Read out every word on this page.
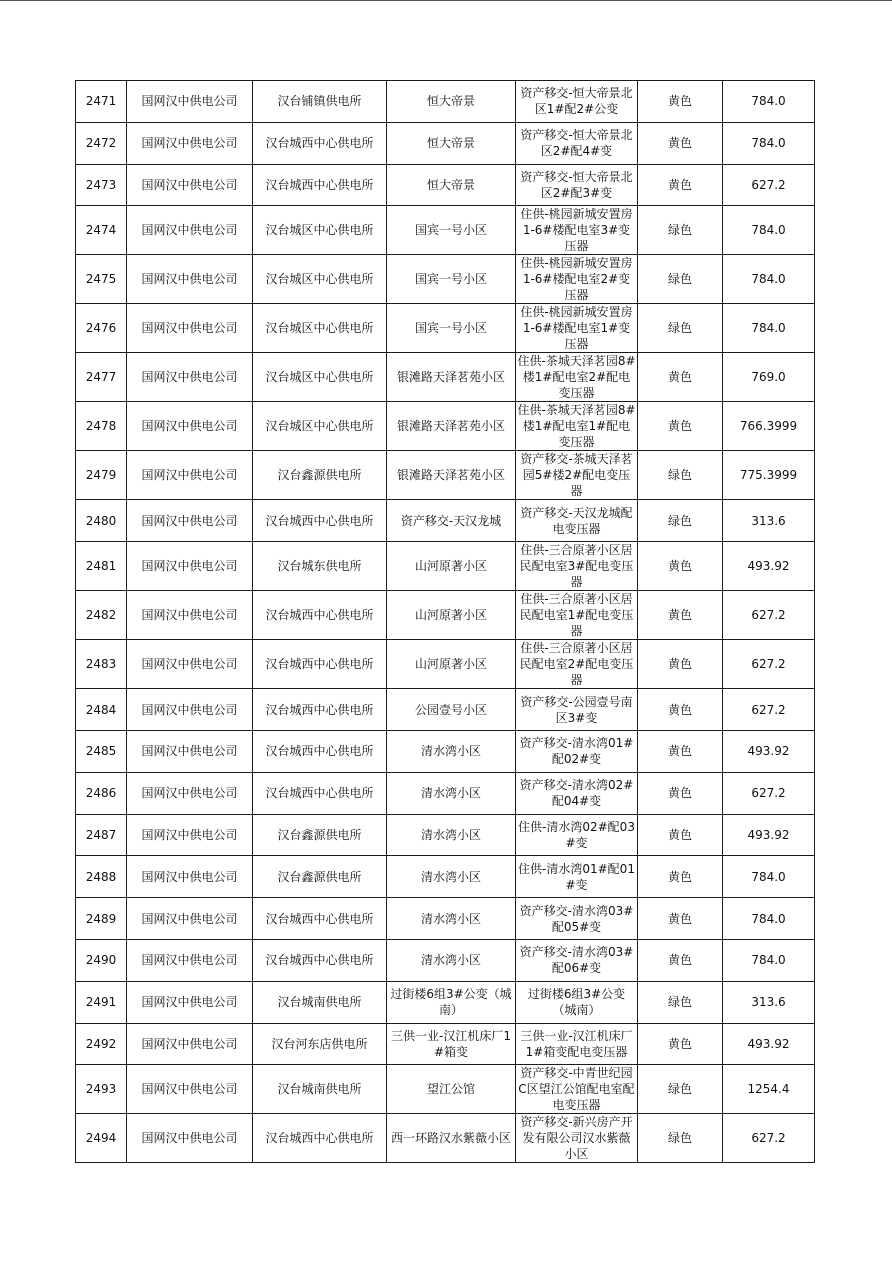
2471	国网汉中供电公司	汉台铺镇供电所	恒大帝景	资产移交-恒大帝景北区1#配2#公变	黄色	784.0

2472	国网汉中供电公司	汉台城西中心供电所	恒大帝景	资产移交-恒大帝景北区2#配4#变	黄色	784.0

2473	国网汉中供电公司	汉台城西中心供电所	恒大帝景	资产移交-恒大帝景北区2#配3#变	黄色	627.2

2474	国网汉中供电公司	汉台城区中心供电所	国宾一号小区	住供-桃园新城安置房1-6#楼配电室3#变压器	绿色	784.0

2475	国网汉中供电公司	汉台城区中心供电所	国宾一号小区	住供-桃园新城安置房1-6#楼配电室2#变压器	绿色	784.0

2476	国网汉中供电公司	汉台城区中心供电所	国宾一号小区	住供-桃园新城安置房1-6#楼配电室1#变压器	绿色	784.0

2477	国网汉中供电公司	汉台城区中心供电所	银滩路天泽茗苑小区	住供-茶城天泽茗园8#楼1#配电室2#配电变压器	黄色	769.0

2478	国网汉中供电公司	汉台城区中心供电所	银滩路天泽茗苑小区	住供-茶城天泽茗园8#楼1#配电室1#配电变压器	黄色	766.3999

2479	国网汉中供电公司	汉台鑫源供电所	银滩路天泽茗苑小区	资产移交-茶城天泽茗园5#楼2#配电变压器	绿色	775.3999

2480	国网汉中供电公司	汉台城西中心供电所	资产移交-天汉龙城	资产移交-天汉龙城配电变压器	绿色	313.6

2481	国网汉中供电公司	汉台城东供电所	山河原著小区	住供-三合原著小区居民配电室3#配电变压器	黄色	493.92

2482	国网汉中供电公司	汉台城西中心供电所	山河原著小区	住供-三合原著小区居民配电室1#配电变压器	黄色	627.2

2483	国网汉中供电公司	汉台城西中心供电所	山河原著小区	住供-三合原著小区居民配电室2#配电变压器	黄色	627.2

2484	国网汉中供电公司	汉台城西中心供电所	公园壹号小区	资产移交-公园壹号南区3#变	黄色	627.2

2485	国网汉中供电公司	汉台城西中心供电所	清水湾小区	资产移交-清水湾01#配02#变	黄色	493.92

2486	国网汉中供电公司	汉台城西中心供电所	清水湾小区	资产移交-清水湾02#配04#变	黄色	627.2

2487	国网汉中供电公司	汉台鑫源供电所	清水湾小区	住供-清水湾02#配03#变	黄色	493.92

2488	国网汉中供电公司	汉台鑫源供电所	清水湾小区	住供-清水湾01#配01#变	黄色	784.0

2489	国网汉中供电公司	汉台城西中心供电所	清水湾小区	资产移交-清水湾03#配05#变	黄色	784.0

2490	国网汉中供电公司	汉台城西中心供电所	清水湾小区	资产移交-清水湾03#配06#变	黄色	784.0

2491	国网汉中供电公司	汉台城南供电所	过街楼6组3#公变（城南）	过街楼6组3#公变（城南）	绿色	313.6

2492	国网汉中供电公司	汉台河东店供电所	三供一业-汉江机床厂1#箱变	三供一业-汉江机床厂1#箱变配电变压器	黄色	493.92

2493	国网汉中供电公司	汉台城南供电所	望江公馆	资产移交-中青世纪园C区望江公馆配电室配电变压器	绿色	1254.4

2494	国网汉中供电公司	汉台城西中心供电所	西一环路汉水紫薇小区	资产移交-新兴房产开发有限公司汉水紫薇小区	绿色	627.2
